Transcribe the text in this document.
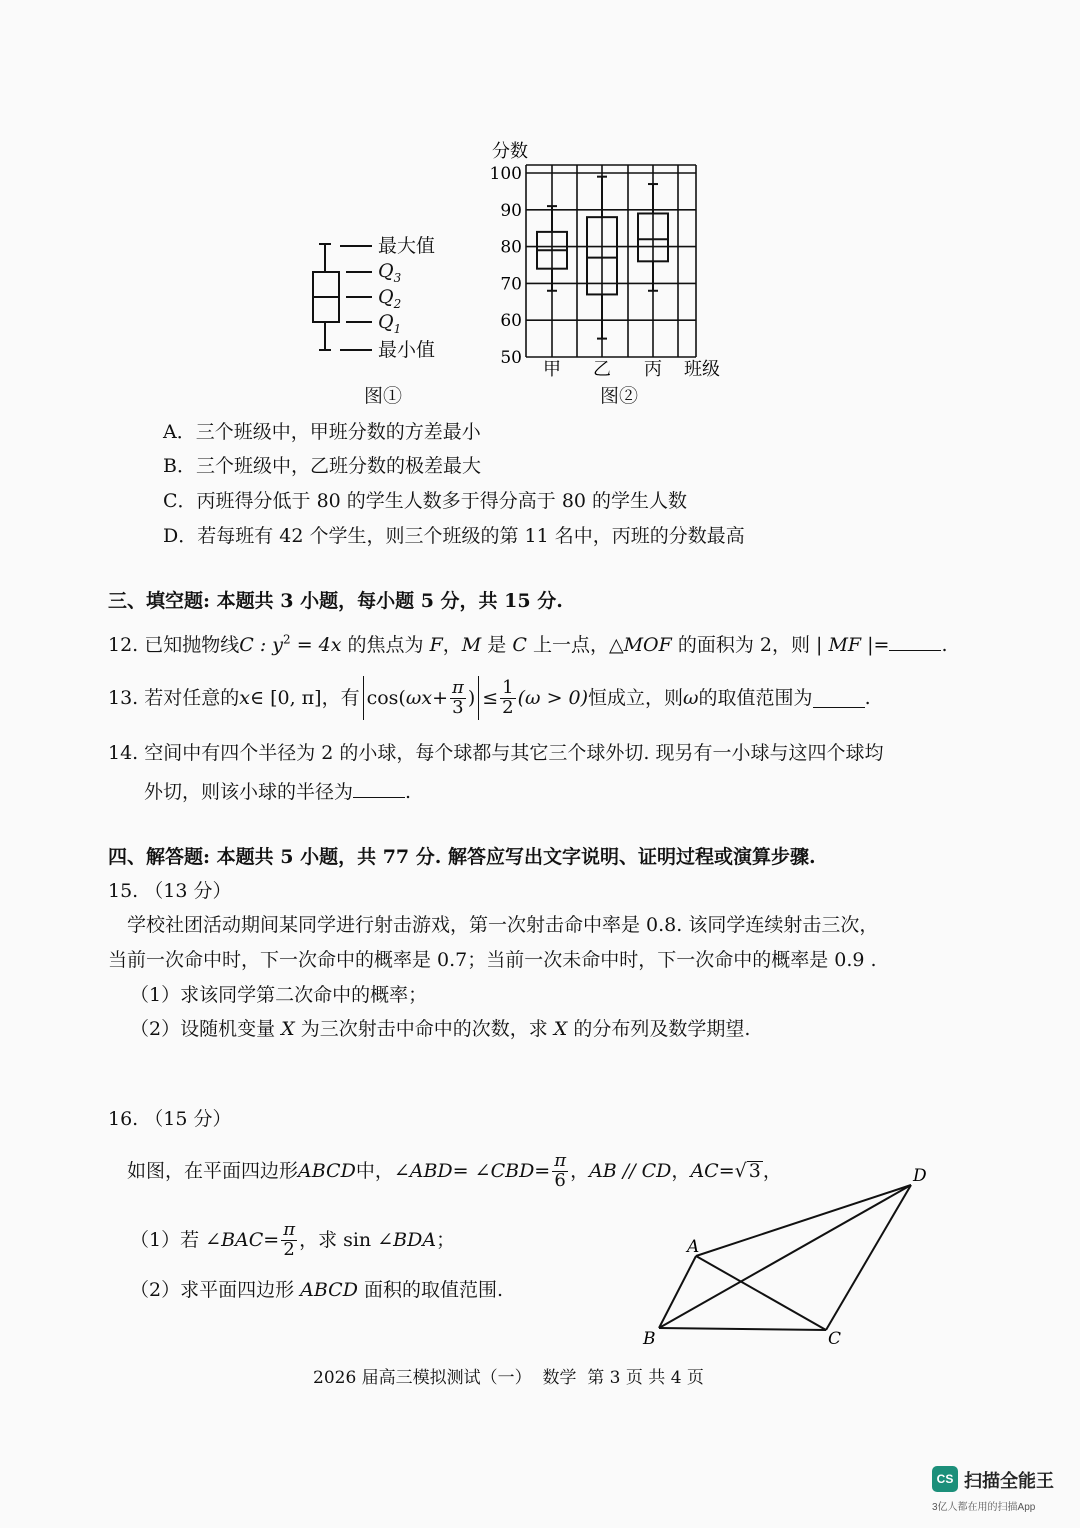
最大值
$Q_3$
$Q_2$
$Q_1$
最小值
图①
100
90
80
70
60
50
分数
班级
甲 乙 丙
图②
A．三个班级中，甲班分数的方差最小
B．三个班级中，乙班分数的极差最大
C．丙班得分低于 80 的学生人数多于得分高于 80 的学生人数
D．若每班有 42 个学生，则三个班级的第 11 名中，丙班的分数最高
三、填空题: 本题共 3 小题，每小题 5 分，共 15 分.
12. 已知抛物线C : $y^2 = 4x$ 的焦点为 F，M 是 C 上一点，△MOF 的面积为 2，则 | MF |=	.
13.
若对任意的 x ∈ [0, π]，有 cos( $\omega x + \frac{\pi}{3}$ ) ≤ $\frac{1}{2} (\omega > 0)$ 恒成立，则 ω 的取值范围为	.
14. 空间中有四个半径为 2 的小球，每个球都与其它三个球外切. 现另有一小球与这四个球均
外切，则该小球的半径为	.
四、解答题: 本题共 5 小题，共 77 分. 解答应写出文字说明、证明过程或演算步骤.
15. （13 分）
学校社团活动期间某同学进行射击游戏，第一次射击命中率是 0.8. 该同学连续射击三次，
当前一次命中时，下一次命中的概率是 0.7；当前一次未命中时，下一次命中的概率是 0.9 .
（1）求该同学第二次命中的概率；
（2）设随机变量 X 为三次射击中命中的次数，求 X 的分布列及数学期望.
16. （15 分）
如图，在平面四边形 ABCD 中，∠ ABD = ∠ CBD = $\frac{\pi}{6}$ ， AB // CD ， AC = √ 3 ，
（1）若 ∠ BAC = $\frac{\pi}{2}$ ，求 sin ∠ BDA ；
（2）求平面四边形 ABCD 面积的取值范围.
A
B	C
D
2026 届高三模拟测试（一）  数学  第 3 页 共 4 页
CS 扫描全能王
3亿人都在用的扫描App
